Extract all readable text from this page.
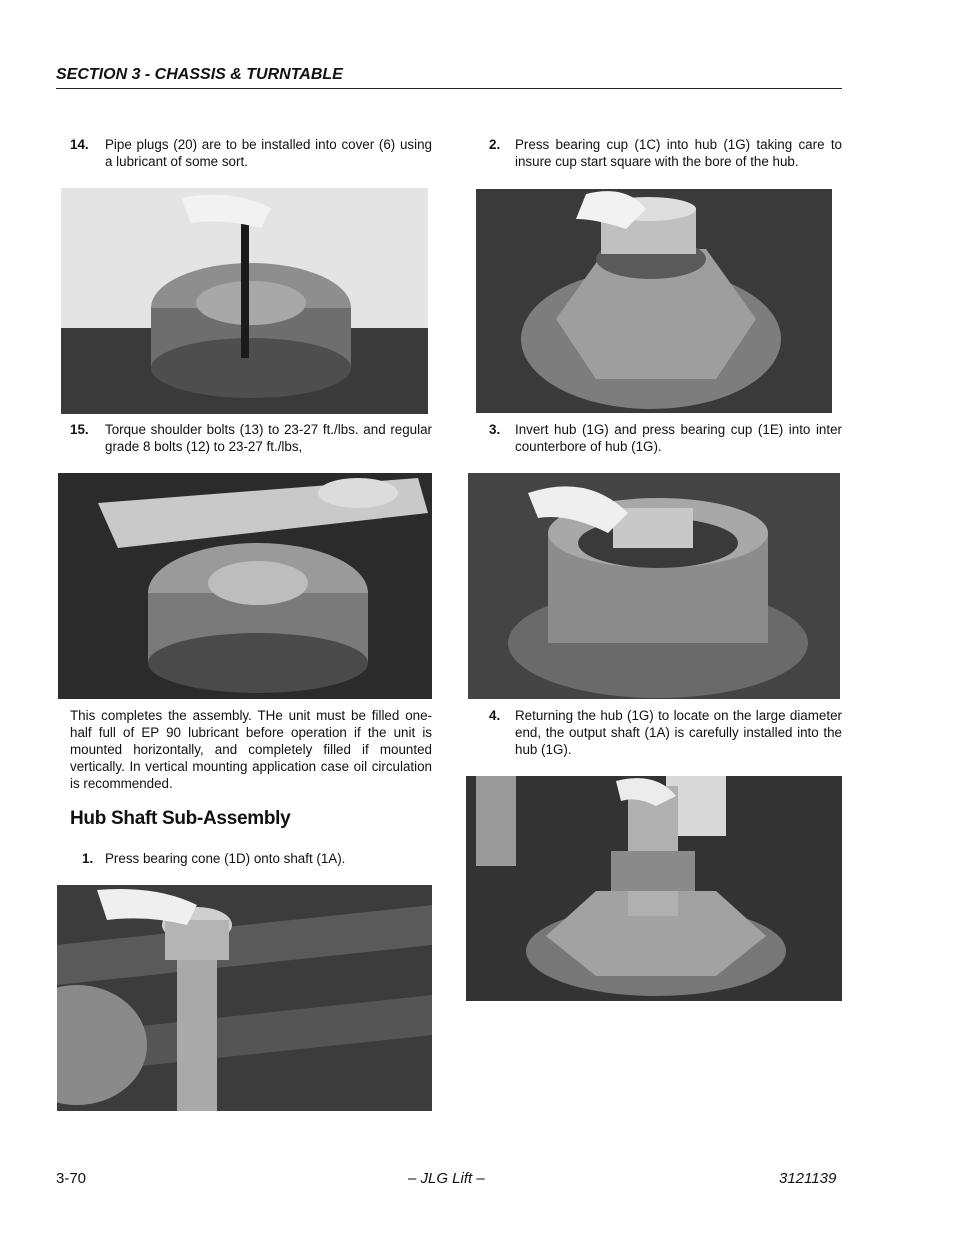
SECTION 3 - CHASSIS & TURNTABLE
14. Pipe plugs (20) are to be installed into cover (6) using a lubricant of some sort.
15. Torque shoulder bolts (13) to 23-27 ft./lbs. and regular grade 8 bolts (12) to 23-27 ft./lbs,
This completes the assembly. THe unit must be filled one-half full of EP 90 lubricant before operation if the unit is mounted horizontally, and completely filled if mounted vertically. In vertical mounting application case oil circulation is recommended.
Hub Shaft Sub-Assembly
1. Press bearing cone (1D) onto shaft (1A).
2. Press bearing cup (1C) into hub (1G) taking care to insure cup start square with the bore of the hub.
3. Invert hub (1G) and press bearing cup (1E) into inter counterbore of hub (1G).
4. Returning the hub (1G) to locate on the large diameter end, the output shaft (1A) is carefully installed into the hub (1G).
3-70	– JLG Lift –	3121139
